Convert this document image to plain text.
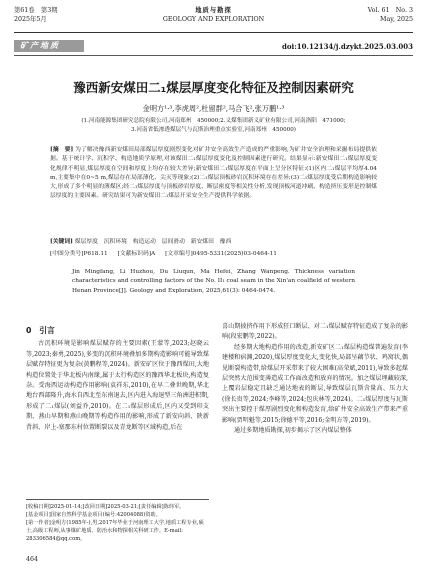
第61卷　第3期
2025年5月
地质与勘探
GEOLOGY AND EXPLORATION
Vol. 61　No. 3
May, 2025
矿产地质	doi:10.12134/j.dzykt.2025.03.003
豫西新安煤田二₁煤层厚度变化特征及控制因素研究
金明方¹·³,李虎周²,杜留群²,马合飞²,张万鹏¹·³
(1.河南能源集团研究总院有限公司,河南郑州　450000;2.义煤集团新义矿业有限公司,河南洛阳　471000;
3.河南省低渗透煤层气与瓦斯治理重点实验室,河南郑州　450000)
[摘　要] 为了解决豫西新安煤田局部煤层厚度剧烈变化对矿井安全高效生产造成的严重影响,为矿井安全治理和采掘布局提供依据。基于统计学、沉积学、构造地质学原理,对该煤田二₁煤层厚度变化及控制因素进行研究。结果显示:新安煤田二₁煤层厚度变化规律不明显,煤层厚度在空间和厚度上均存在较大差异;新安煤田二₁煤层厚度在平面上呈分区特征:(1)区内二₁煤层平均厚4.04 m,主要集中在0~5 m,煤层存在局部薄化、尖灭等现象;(2)二₁煤层顶板砂岩沉积环境存在差异;(3)二₁煤层厚度受后期构造影响较大,形成了多个明显的薄煤区;经二₁煤层厚度与顶板砂岩厚度、断层密度等相关性分析,发现顶板河道冲刷、构造挤压变形是控制煤层厚度的主要因素。研究结果可为新安煤田二₁煤层开采安全生产提供科学依据。
[关键词] 煤层厚度　沉积环境　构造运动　层间滑动　新安煤田　豫西
[中图分类号]P618.11 [文献标识码]A [文章编号]0495-5331(2025)03-0464-11
Jin Mingfang, Li Huzhou, Du Liuqun, Ma Hefei, Zhang Wanpeng. Thickness variation characteristics and controlling factors of the No. II₁ coal seam in the Xin'an coalfield of western Henan Province[J]. Geology and Exploration, 2025,61(3): 0464-0474.
0　引言

古沉积环境是影响煤层赋存的主要因素(王蒙等,2023;赵晓云等,2023;秦勇,2025),多变的沉积环境叠加多期构造影响可能导致煤层赋存特征更为复杂(黄鹏程等,2024)。新安矿区位于豫西煤田,大地构造位置处于华北板内南缘,属于太行构造区的豫西华北板块,构造复杂。受海西运动构造作用影响(袁祥东,2010),在早二叠世晚期,华北地台西部隆升,海水自西北至东南退去,区内进入海退型三角洲进积期,形成了二₁煤层(刘益乔,2010)。在二₁煤层形成后,区内又受到印支期、燕山早期和燕山晚期等构造作用的影响,形成了新安向斜、陕新背斜、岸上-塞那东村位置断裂以及青龙断等区域构造,后在

喜山期披挤作用下形成狂口断层、对二₁煤层赋存特征造成了复杂的影响(段宏鹏等,2022)。

经多期大地构造作用的改造,新安矿区二₁煤层构造煤普遍发育(李建楼和宿渊,2020),煤层厚度变化大,变化快,局部呈藕节状、鸡窝状,偶见断裂构造带,给煤层开采带来了较大困难(高荣斌,2011),导致多起煤层突然大范围变薄造成工作面改造和放弃的情况。加之煤层埋藏较深,上覆岩层稳定且缺乏通达地表的断层,导致煤层瓦斯含量高、压力大(徐长贵等,2024;李峰等,2024;包庆林等,2024)。二₁煤层厚度与瓦斯突出主要控于煤厚剧烈变化和构造发育,给矿井安全高效生产带来严重影响(贾明魁等,2015;徐德平等,2016;金明方等,2019)。

通过多期地质勘探,初步揭示了区内煤层整体

[收稿日期]2025-01-14;[改回日期]2025-03-21;[责任编辑]陈炜军。
[基金项目]国家自然科学基金项目(编号:42004088)资助。
[第一作者]金明方(1985年-),男,2017年毕业于河南理工大学,地质工程专业,硕士,高级工程师,从事煤矿地质、防治水和物探相关科研工作。E-mail: 283306584@qq.com。
464
